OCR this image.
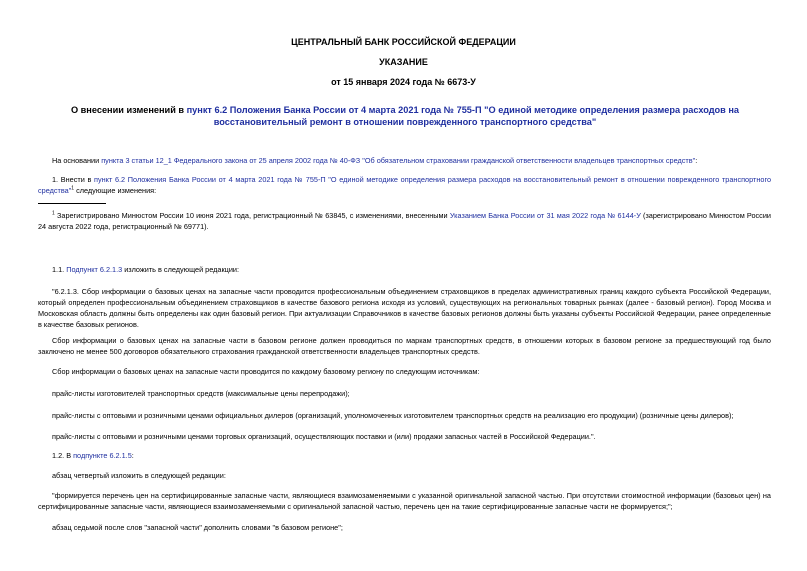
ЦЕНТРАЛЬНЫЙ БАНК РОССИЙСКОЙ ФЕДЕРАЦИИ
УКАЗАНИЕ
от 15 января 2024 года № 6673-У
О внесении изменений в пункт 6.2 Положения Банка России от 4 марта 2021 года № 755-П "О единой методике определения размера расходов на восстановительный ремонт в отношении поврежденного транспортного средства"
На основании пункта 3 статьи 12_1 Федерального закона от 25 апреля 2002 года № 40-ФЗ "Об обязательном страховании гражданской ответственности владельцев транспортных средств":
1. Внести в пункт 6.2 Положения Банка России от 4 марта 2021 года № 755-П "О единой методике определения размера расходов на восстановительный ремонт в отношении поврежденного транспортного средства"$^1$ следующие изменения:
$^1$ Зарегистрировано Минюстом России 10 июня 2021 года, регистрационный № 63845, с изменениями, внесенными Указанием Банка России от 31 мая 2022 года № 6144-У (зарегистрировано Минюстом России 24 августа 2022 года, регистрационный № 69771).
1.1. Подпункт 6.2.1.3 изложить в следующей редакции:
"6.2.1.3. Сбор информации о базовых ценах на запасные части проводится профессиональным объединением страховщиков в пределах административных границ каждого субъекта Российской Федерации, который определен профессиональным объединением страховщиков в качестве базового региона исходя из условий, существующих на региональных товарных рынках (далее - базовый регион). Город Москва и Московская область должны быть определены как один базовый регион. При актуализации Справочников в качестве базовых регионов должны быть указаны субъекты Российской Федерации, ранее определенные в качестве базовых регионов.
Сбор информации о базовых ценах на запасные части в базовом регионе должен проводиться по маркам транспортных средств, в отношении которых в базовом регионе за предшествующий год было заключено не менее 500 договоров обязательного страхования гражданской ответственности владельцев транспортных средств.
Сбор информации о базовых ценах на запасные части проводится по каждому базовому региону по следующим источникам:
прайс-листы изготовителей транспортных средств (максимальные цены перепродажи);
прайс-листы с оптовыми и розничными ценами официальных дилеров (организаций, уполномоченных изготовителем транспортных средств на реализацию его продукции) (розничные цены дилеров);
прайс-листы с оптовыми и розничными ценами торговых организаций, осуществляющих поставки и (или) продажи запасных частей в Российской Федерации.".
1.2. В подпункте 6.2.1.5:
абзац четвертый изложить в следующей редакции:
"формируется перечень цен на сертифицированные запасные части, являющиеся взаимозаменяемыми с указанной оригинальной запасной частью. При отсутствии стоимостной информации (базовых цен) на сертифицированные запасные части, являющиеся взаимозаменяемыми с оригинальной запасной частью, перечень цен на такие сертифицированные запасные части не формируется;";
абзац седьмой после слов "запасной части" дополнить словами "в базовом регионе";
